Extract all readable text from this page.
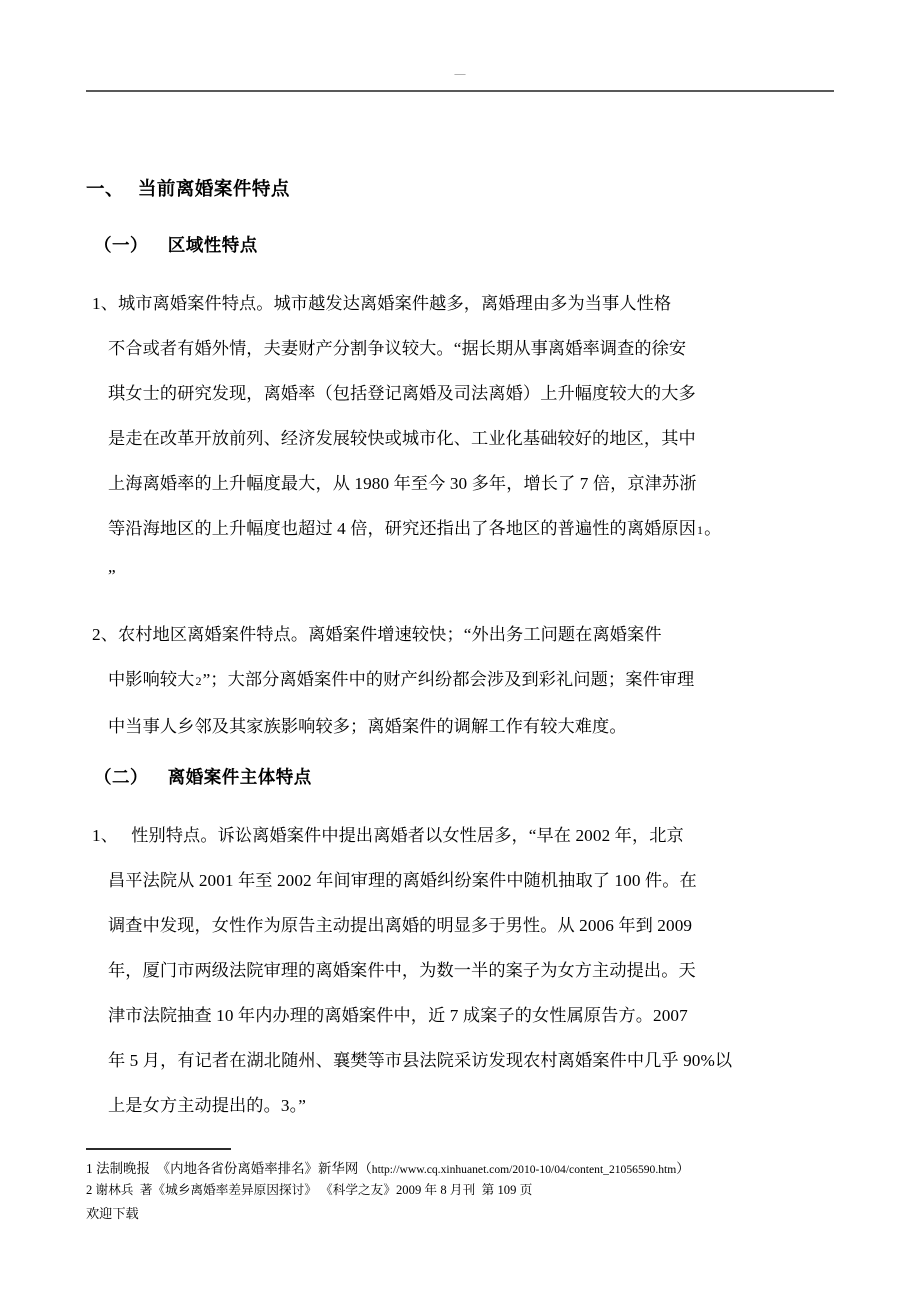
—
一、  当前离婚案件特点
（一）   区域性特点
1、城市离婚案件特点。城市越发达离婚案件越多，离婚理由多为当事人性格
不合或者有婚外情，夫妻财产分割争议较大。“据长期从事离婚率调查的徐安
琪女士的研究发现，离婚率（包括登记离婚及司法离婚）上升幅度较大的大多
是走在改革开放前列、经济发展较快或城市化、工业化基础较好的地区，其中
上海离婚率的上升幅度最大，从 1980 年至今 30 多年，增长了 7 倍，京津苏浙
等沿海地区的上升幅度也超过 4 倍，研究还指出了各地区的普遍性的离婚原因1。
”
2、农村地区离婚案件特点。离婚案件增速较快；“外出务工问题在离婚案件
中影响较大2”；大部分离婚案件中的财产纠纷都会涉及到彩礼问题；案件审理
中当事人乡邻及其家族影响较多；离婚案件的调解工作有较大难度。
（二）   离婚案件主体特点
1、   性别特点。诉讼离婚案件中提出离婚者以女性居多，“早在 2002 年，北京
昌平法院从 2001 年至 2002 年间审理的离婚纠纷案件中随机抽取了 100 件。在
调查中发现，女性作为原告主动提出离婚的明显多于男性。从 2006 年到 2009
年，厦门市两级法院审理的离婚案件中，为数一半的案子为女方主动提出。天
津市法院抽查 10 年内办理的离婚案件中，近 7 成案子的女性属原告方。2007
年 5 月，有记者在湖北随州、襄樊等市县法院采访发现农村离婚案件中几乎 90%以
上是女方主动提出的。3。”
1 法制晚报  《内地各省份离婚率排名》新华网（http://www.cq.xinhuanet.com/2010-10/04/content_21056590.htm）
2 谢林兵  著《城乡离婚率差异原因探讨》 《科学之友》2009 年 8 月刊  第 109 页
欢迎下载
